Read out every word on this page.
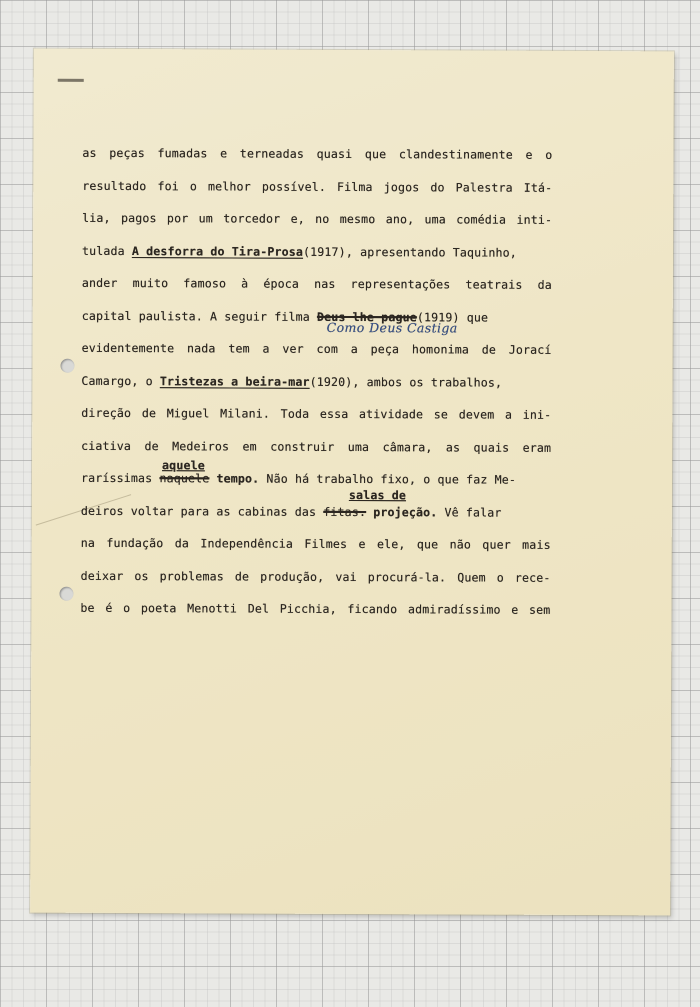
as peças fumadas e terneadas quasi que clandestinamente e o
resultado foi o melhor possível. Filma jogos do Palestra Itá-
lia, pagos por um torcedor e, no mesmo ano, uma comédia inti-
tulada A desforra do Tira-Prosa(1917), apresentando Taquinho,
ander muito famoso à época nas representações teatrais da
capital paulista. A seguir filma Deus lhe pague(1919) que
Como Deus Castiga
evidentemente nada tem a ver com a peça homonima de Jorací
Camargo, o Tristezas a beira-mar(1920), ambos os trabalhos,
direção de Miguel Milani. Toda essa atividade se devem a ini-
ciativa de Medeiros em construir uma câmara, as quais eram
raríssimas naquele
aquele
tempo. Não há trabalho fixo, o que faz Me-
deiros voltar para as cabinas das fitas.
salas de
projeção. Vê falar
na fundação da Independência Filmes e ele, que não quer mais
deixar os problemas de produção, vai procurá-la. Quem o rece-
be é o poeta Menotti Del Picchia, ficando admiradíssimo e sem
